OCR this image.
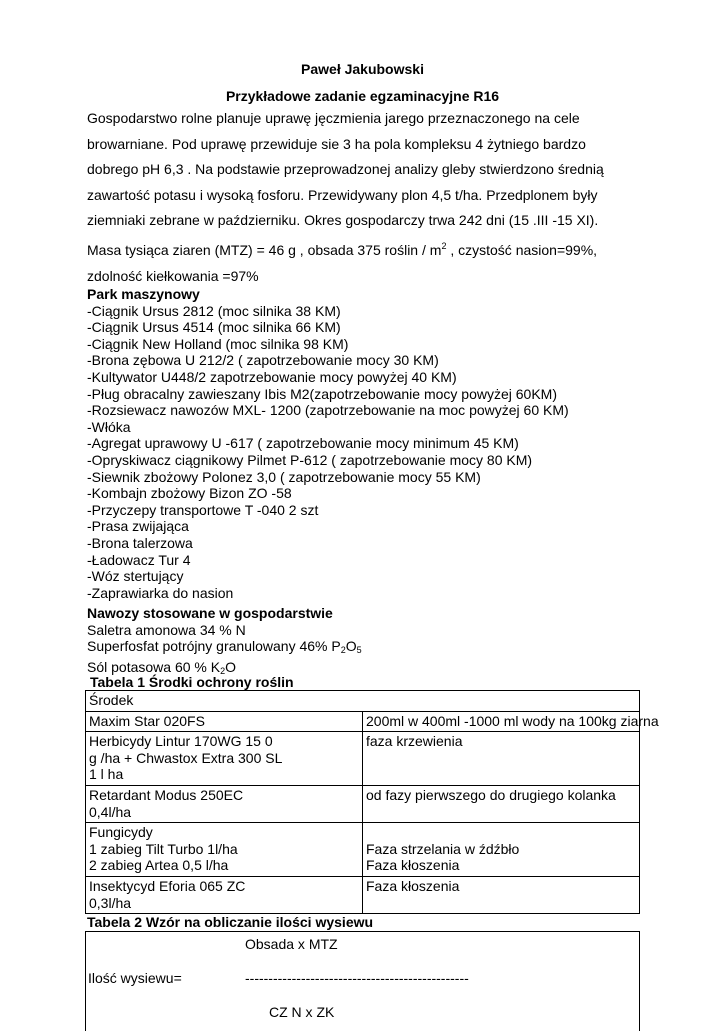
Paweł Jakubowski
Przykładowe zadanie egzaminacyjne R16

Gospodarstwo rolne planuje uprawę jęczmienia jarego przeznaczonego na cele

browarniane. Pod uprawę przewiduje sie 3 ha pola kompleksu 4 żytniego bardzo

dobrego pH 6,3 . Na podstawie przeprowadzonej analizy gleby stwierdzono średnią

zawartość potasu i wysoką fosforu. Przewidywany plon 4,5 t/ha. Przedplonem były

ziemniaki zebrane w październiku. Okres gospodarczy trwa 242 dni (15 .III -15 XI).

Masa tysiąca ziaren (MTZ) = 46 g , obsada 375 roślin / $m^2$ , czystość nasion=99%,

zdolność kiełkowania =97%

Park maszynowy
-Ciągnik Ursus 2812 (moc silnika 38 KM)
-Ciągnik Ursus 4514 (moc silnika 66 KM)
-Ciągnik New Holland (moc silnika 98 KM)
-Brona zębowa U 212/2 ( zapotrzebowanie mocy 30 KM)
-Kultywator U448/2 zapotrzebowanie mocy powyżej 40 KM)
-Pług obracalny zawieszany Ibis M2(zapotrzebowanie mocy powyżej 60KM)
-Rozsiewacz nawozów MXL- 1200 (zapotrzebowanie na moc powyżej 60 KM)
-Włóka
-Agregat uprawowy U -617 ( zapotrzebowanie mocy minimum 45 KM)
-Opryskiwacz ciągnikowy Pilmet P-612 ( zapotrzebowanie mocy 80 KM)
-Siewnik zbożowy Polonez 3,0 ( zapotrzebowanie mocy 55 KM)
-Kombajn zbożowy Bizon ZO -58
-Przyczepy transportowe T -040 2 szt
-Prasa zwijająca
-Brona talerzowa
-Ładowacz Tur 4
-Wóz stertujący
-Zaprawiarka do nasion
Nawozy stosowane w gospodarstwie
Saletra amonowa 34 % N
Superfosfat potrójny granulowany 46% $P_2O_5$
Sól potasowa 60 % $K_2O$
Tabela 1 Środki ochrony roślin
Środek	

Maxim Star 020FS	200ml w 400ml -1000 ml wody na 100kg ziarna

Herbicydy Lintur 170WG 15 0
g /ha + Chwastox Extra 300 SL
1 l ha	faza krzewienia

Retardant Modus 250EC
0,4l/ha	od fazy pierwszego do drugiego kolanka

Fungicydy
1 zabieg Tilt Turbo 1l/ha
2 zabieg Artea 0,5 l/ha	Faza strzelania w źdźbło
Faza kłoszenia

Insektycyd Eforia 065 ZC
0,3l/ha	Faza kłoszenia
Tabela 2 Wzór na obliczanie ilości wysiewu
Obsada x MTZ
Ilość wysiewu=	------------------------------------------------
CZ N x ZK
